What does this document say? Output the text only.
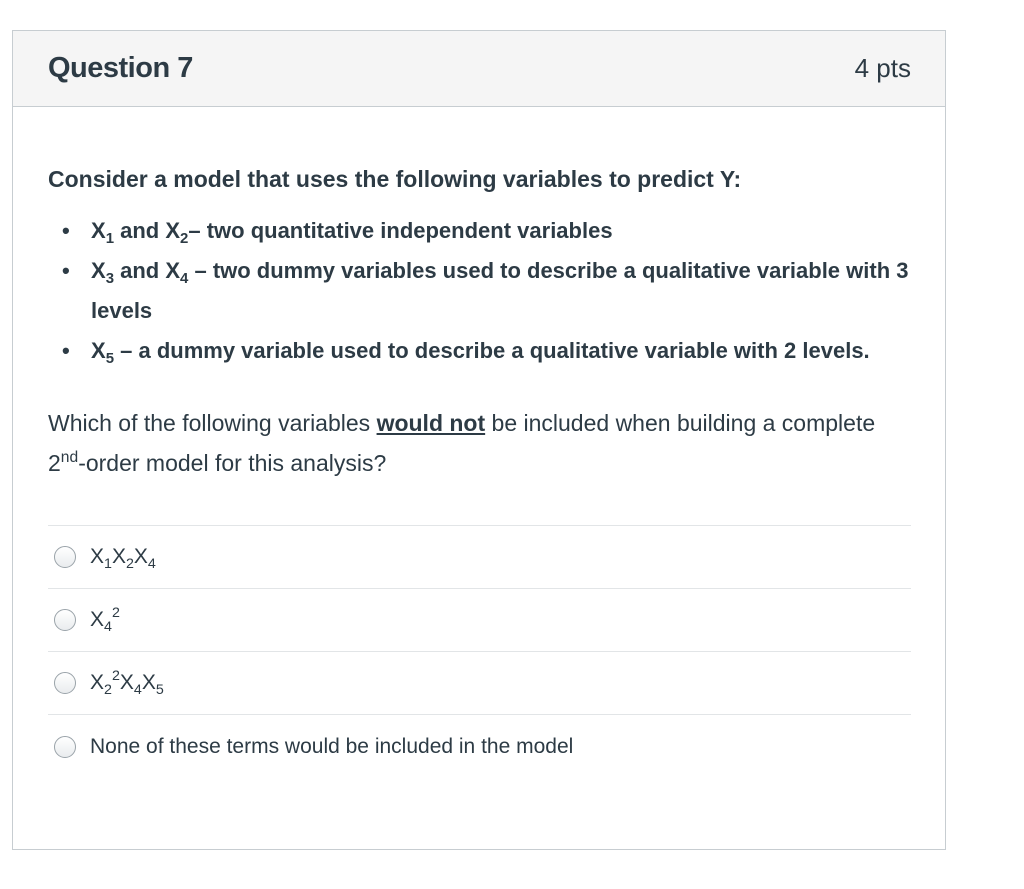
Question 7	4 pts

Consider a model that uses the following variables to predict Y:

• $X_1$ and $X_2-$ two quantitative independent variables
• $X_3$ and $X_4$ – two dummy variables used to describe a qualitative variable with 3 levels
• $X_5$ – a dummy variable used to describe a qualitative variable with 2 levels.

Which of the following variables would not be included when building a complete 2nd-order model for this analysis?

$X_1X_2X_4$
$X_4^2$
$X_2^2X_4X_5$
None of these terms would be included in the model
